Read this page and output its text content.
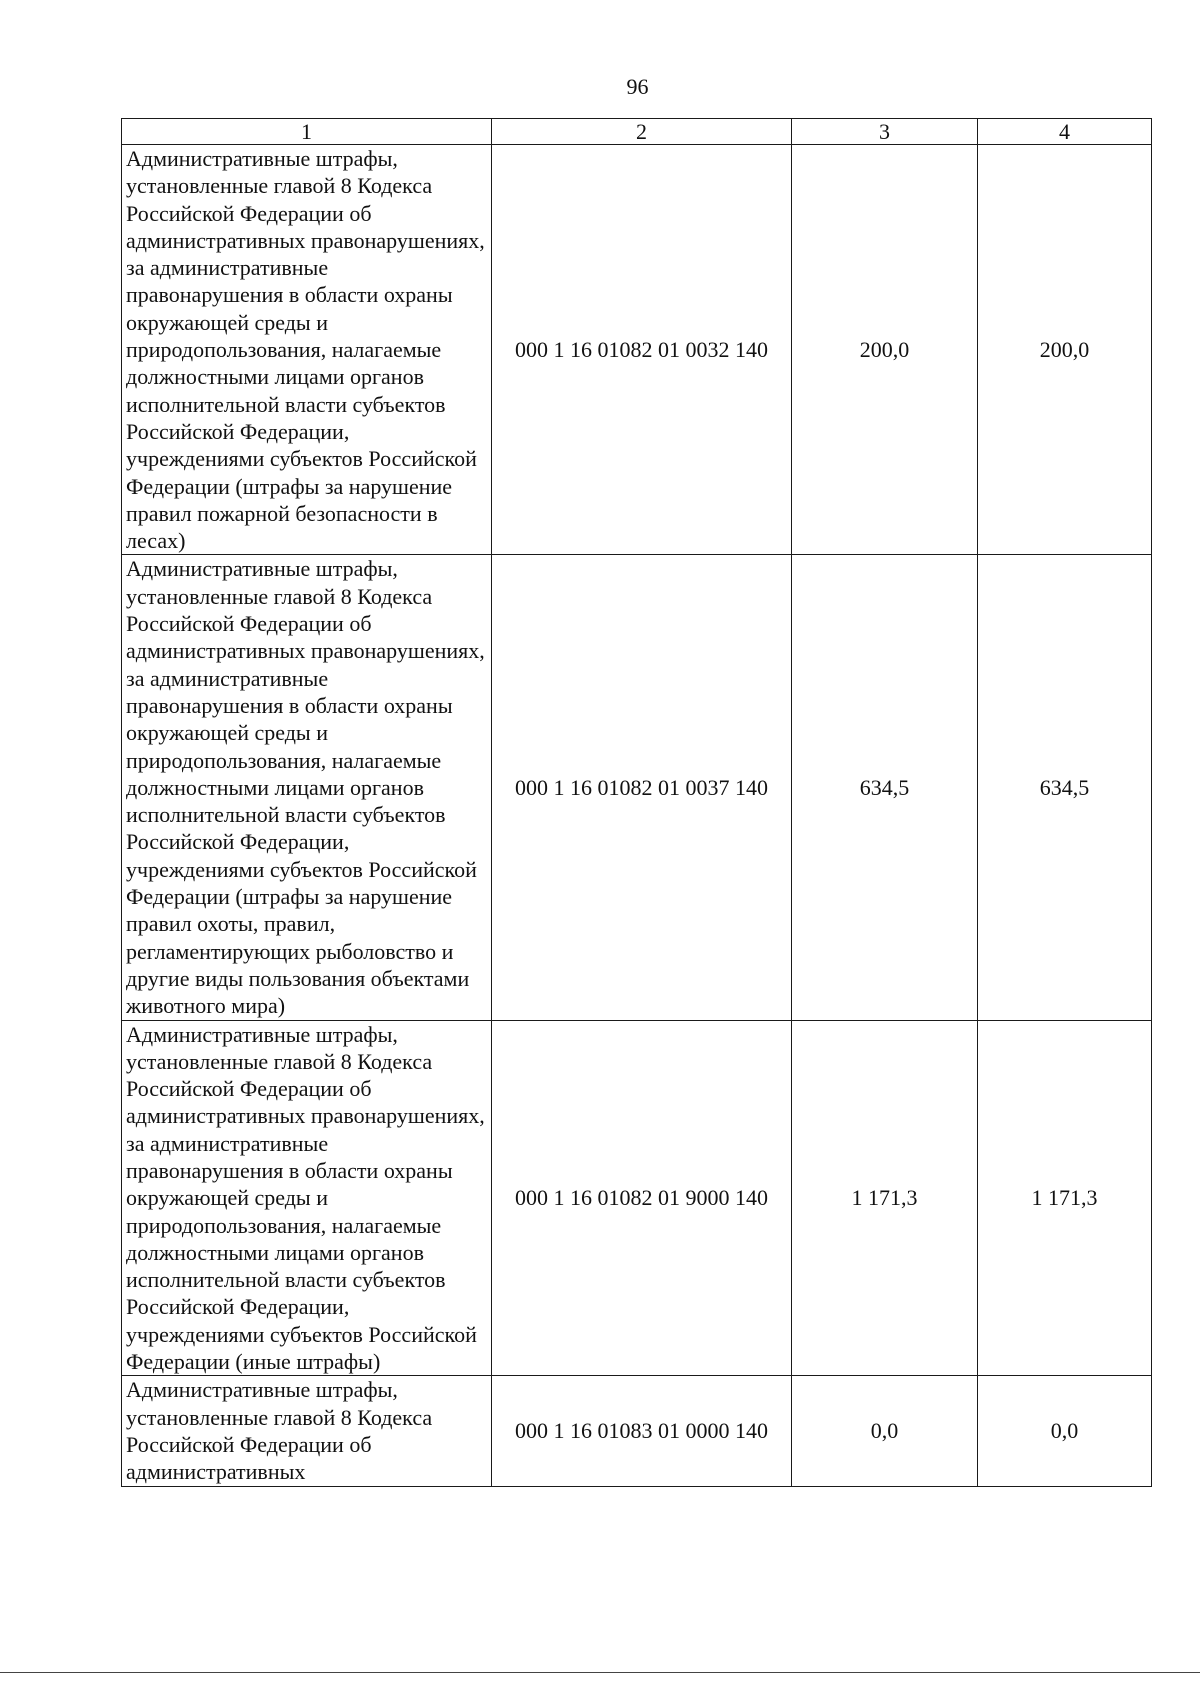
96
1	2	3	4
Административные штрафы, установленные главой 8 Кодекса Российской Федерации об административных правонарушениях, за административные правонарушения в области охраны окружающей среды и природопользования, налагаемые должностными лицами органов исполнительной власти субъектов Российской Федерации, учреждениями субъектов Российской Федерации (штрафы за нарушение правил пожарной безопасности в лесах)	000 1 16 01082 01 0032 140	200,0	200,0
Административные штрафы, установленные главой 8 Кодекса Российской Федерации об административных правонарушениях, за административные правонарушения в области охраны окружающей среды и природопользования, налагаемые должностными лицами органов исполнительной власти субъектов Российской Федерации, учреждениями субъектов Российской Федерации (штрафы за нарушение правил охоты, правил, регламентирующих рыболовство и другие виды пользования объектами животного мира)	000 1 16 01082 01 0037 140	634,5	634,5
Административные штрафы, установленные главой 8 Кодекса Российской Федерации об административных правонарушениях, за административные правонарушения в области охраны окружающей среды и природопользования, налагаемые должностными лицами органов исполнительной власти субъектов Российской Федерации, учреждениями субъектов Российской Федерации (иные штрафы)	000 1 16 01082 01 9000 140	1 171,3	1 171,3
Административные штрафы, установленные главой 8 Кодекса Российской Федерации об административных	000 1 16 01083 01 0000 140	0,0	0,0
